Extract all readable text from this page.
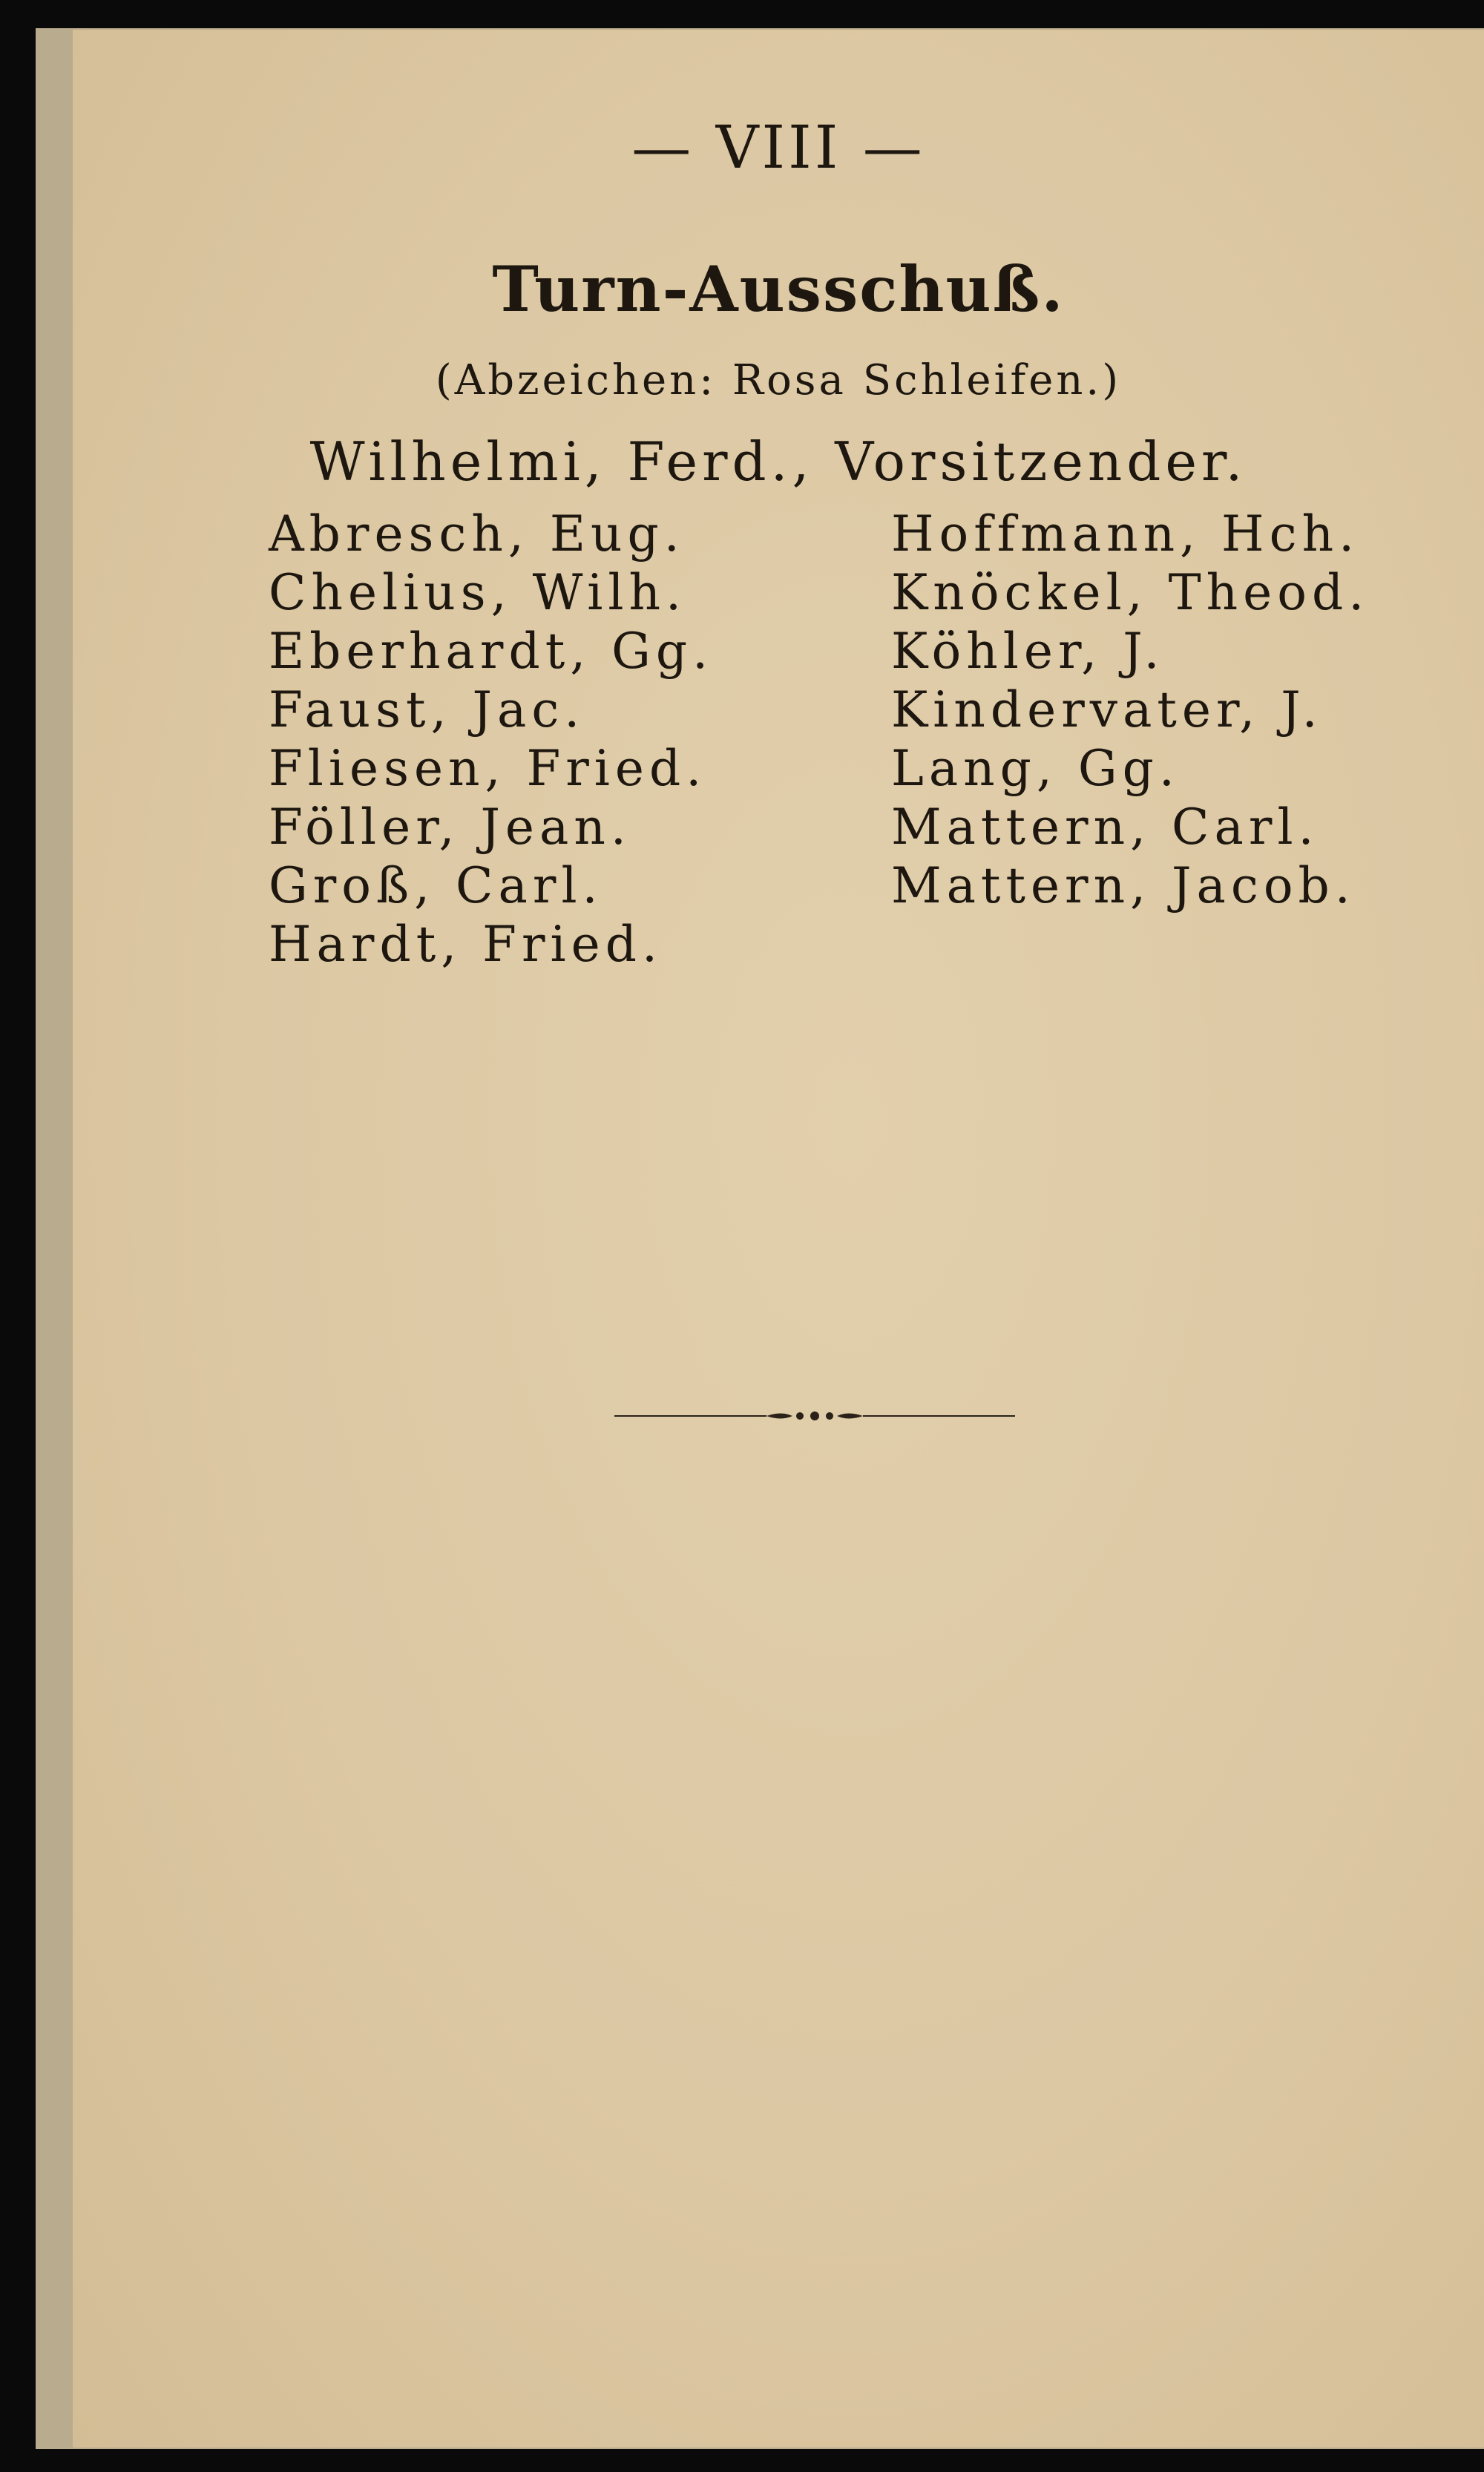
— VIII —
Turn-Ausschuß.
(Abzeichen: Rosa Schleifen.)
Wilhelmi, Ferd., Vorsitzender.
Abresch, Eug.
Chelius, Wilh.
Eberhardt, Gg.
Faust, Jac.
Fliesen, Fried.
Föller, Jean.
Groß, Carl.
Hardt, Fried.
Hoffmann, Hch.
Knöckel, Theod.
Köhler, J.
Kindervater, J.
Lang, Gg.
Mattern, Carl.
Mattern, Jacob.
